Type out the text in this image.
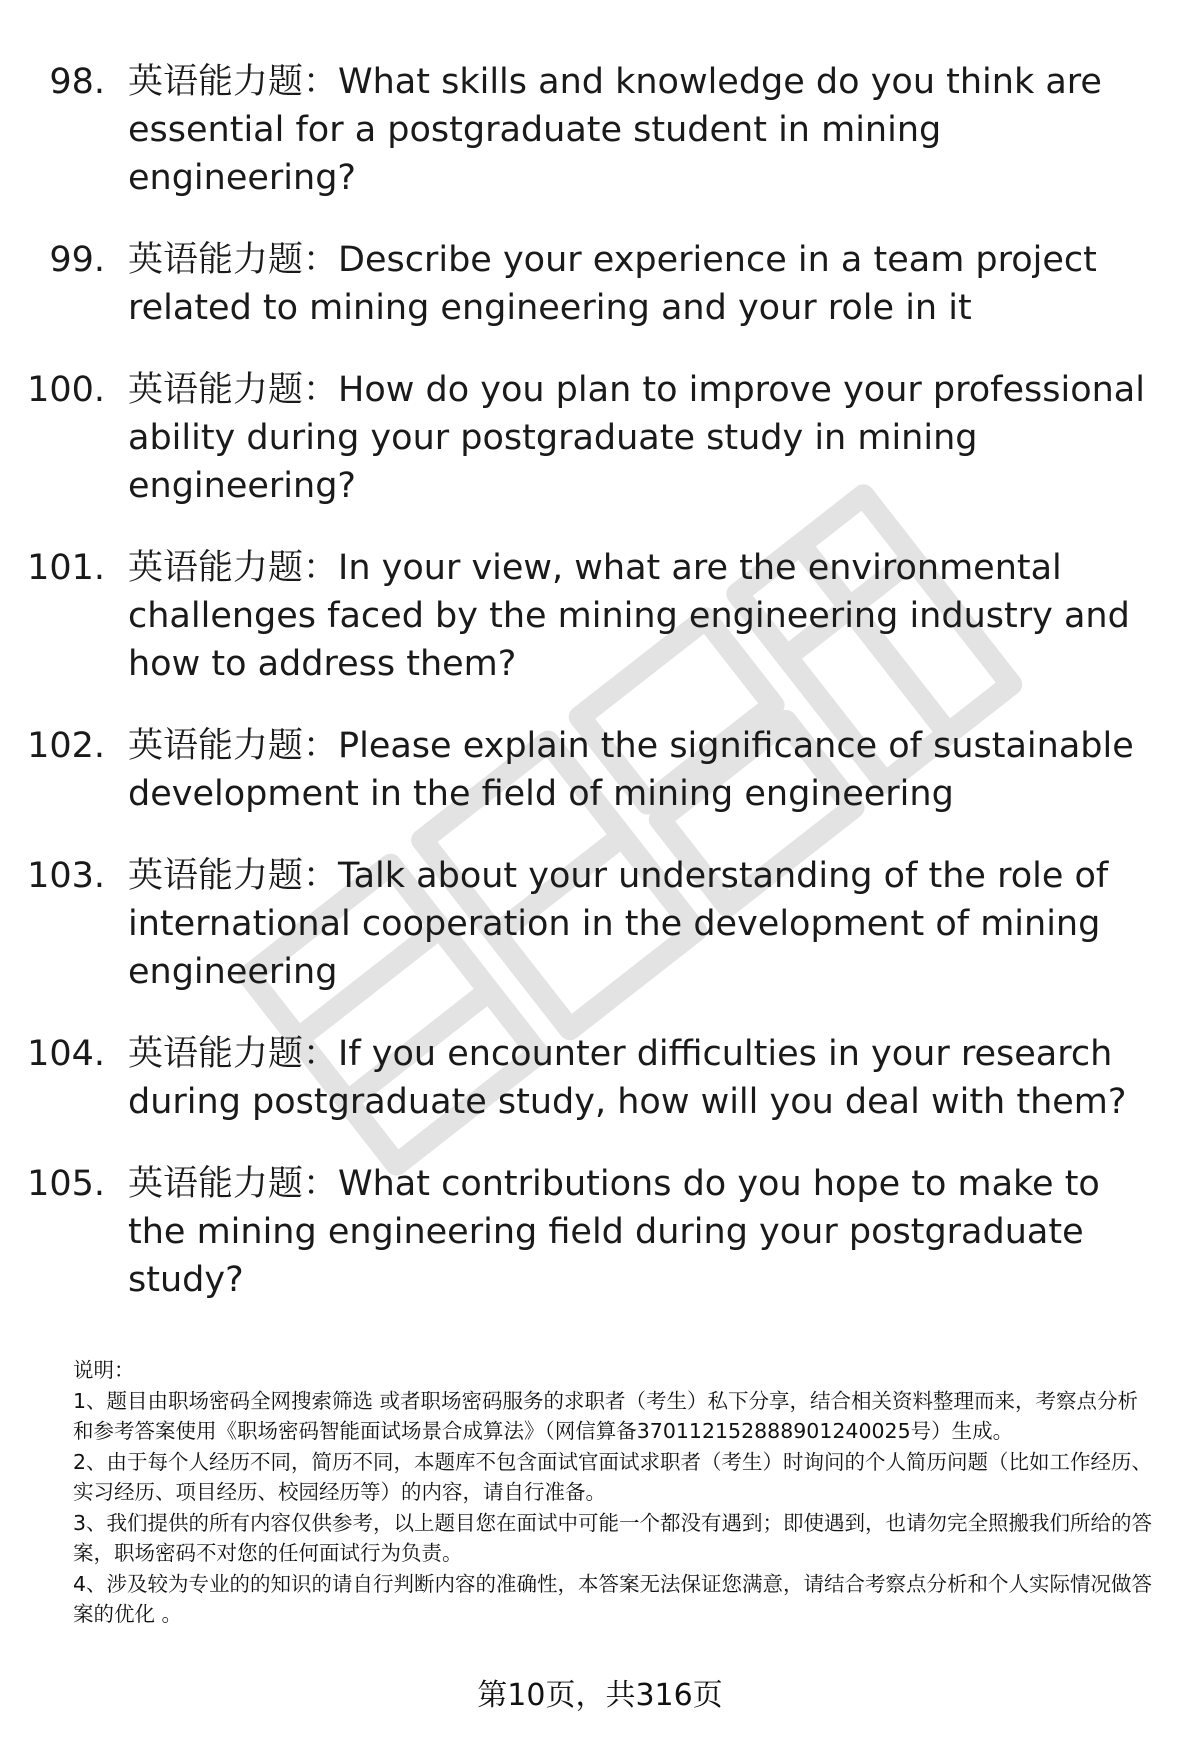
98. 英语能力题：What skills and knowledge do you think are essential for a postgraduate student in mining engineering?
99. 英语能力题：Describe your experience in a team project related to mining engineering and your role in it
100. 英语能力题：How do you plan to improve your professional ability during your postgraduate study in mining engineering?
101. 英语能力题：In your view, what are the environmental challenges faced by the mining engineering industry and how to address them?
102. 英语能力题：Please explain the significance of sustainable development in the field of mining engineering
103. 英语能力题：Talk about your understanding of the role of international cooperation in the development of mining engineering
104. 英语能力题：If you encounter difficulties in your research during postgraduate study, how will you deal with them?
105. 英语能力题：What contributions do you hope to make to the mining engineering field during your postgraduate study?

说明：

1、题目由职场密码全网搜索筛选 或者职场密码服务的求职者（考生）私下分享，结合相关资料整理而来，考察点分析和参考答案使用《职场密码智能面试场景合成算法》（网信算备370112152888901240025号）生成。

2、由于每个人经历不同，简历不同，本题库不包含面试官面试求职者（考生）时询问的个人简历问题（比如工作经历、实习经历、项目经历、校园经历等）的内容，请自行准备。

3、我们提供的所有内容仅供参考，以上题目您在面试中可能一个都没有遇到；即使遇到，也请勿完全照搬我们所给的答案，职场密码不对您的任何面试行为负责。

4、涉及较为专业的的知识的请自行判断内容的准确性，本答案无法保证您满意，请结合考察点分析和个人实际情况做答案的优化 。

第10页，共316页
